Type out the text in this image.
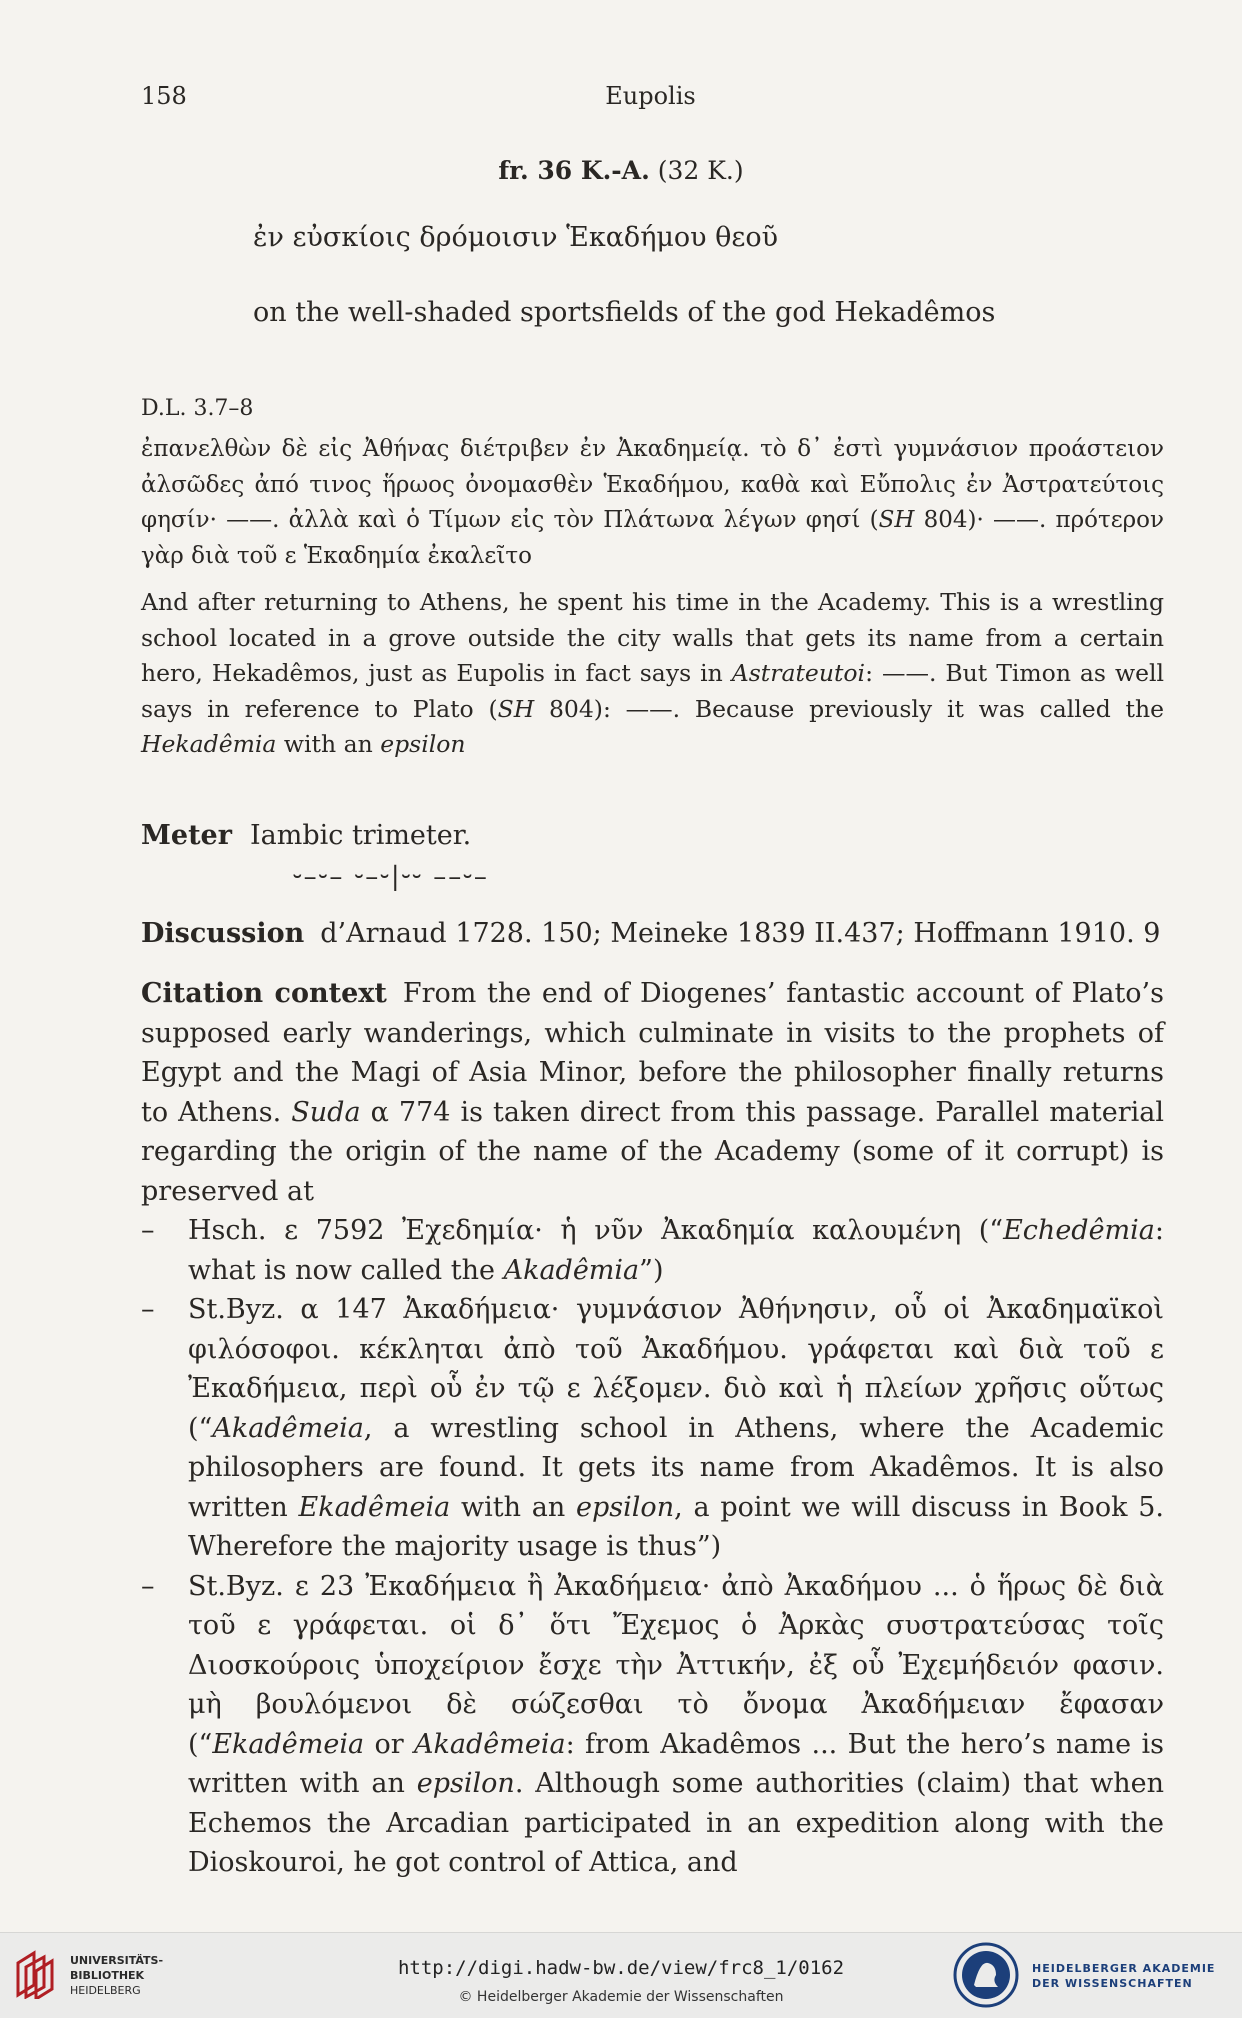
158	Eupolis
fr. 36 K.-A. (32 K.)
ἐν εὐσκίοις δρόμοισιν Ἑκαδήμου θεοῦ
on the well-shaded sportsfields of the god Hekadêmos
D.L. 3.7–8
ἐπανελθὼν δὲ εἰς Ἀθήνας διέτριβεν ἐν Ἀκαδημείᾳ. τὸ δ᾿ ἐστὶ γυμνάσιον προάστειον ἀλσῶδες ἀπό τινος ἥρωος ὀνομασθὲν Ἑκαδήμου, καθὰ καὶ Εὔπολις ἐν Ἀστρατεύτοις φησίν· ——. ἀλλὰ καὶ ὁ Τίμων εἰς τὸν Πλάτωνα λέγων φησί (SH 804)· ——. πρότερον γὰρ διὰ τοῦ ε Ἑκαδημία ἐκαλεῖτο
And after returning to Athens, he spent his time in the Academy. This is a wrestling school located in a grove outside the city walls that gets its name from a certain hero, Hekadêmos, just as Eupolis in fact says in Astrateutoi: ——. But Timon as well says in reference to Plato (SH 804): ——. Because previously it was called the Hekadêmia with an epsilon
Meter Iambic trimeter.
⏑–⏑– ⏑–⏑|⏑⏑ ––⏑–
Discussion d’Arnaud 1728. 150; Meineke 1839 II.437; Hoffmann 1910. 9
Citation context From the end of Diogenes’ fantastic account of Plato’s supposed early wanderings, which culminate in visits to the prophets of Egypt and the Magi of Asia Minor, before the philosopher finally returns to Athens. Suda α 774 is taken direct from this passage. Parallel material regarding the origin of the name of the Academy (some of it corrupt) is preserved at
– Hsch. ε 7592 Ἐχεδημία· ἡ νῦν Ἀκαδημία καλουμένη (“Echedêmia: what is now called the Akadêmia”)
– St.Byz. α 147 Ἀκαδήμεια· γυμνάσιον Ἀθήνησιν, οὗ οἱ Ἀκαδημαϊκοὶ φιλόσοφοι. κέκληται ἀπὸ τοῦ Ἀκαδήμου. γράφεται καὶ διὰ τοῦ ε Ἐκαδήμεια, περὶ οὗ ἐν τῷ ε λέξομεν. διὸ καὶ ἡ πλείων χρῆσις οὕτως (“Akadêmeia, a wrestling school in Athens, where the Academic philosophers are found. It gets its name from Akadêmos. It is also written Ekadêmeia with an epsilon, a point we will discuss in Book 5. Wherefore the majority usage is thus”)
– St.Byz. ε 23 Ἐκαδήμεια ἢ Ἀκαδήμεια· ἀπὸ Ἀκαδήμου ... ὁ ἥρως δὲ διὰ τοῦ ε γράφεται. οἱ δ᾿ ὅτι Ἔχεμος ὁ Ἀρκὰς συστρατεύσας τοῖς Διοσκούροις ὑποχείριον ἔσχε τὴν Ἀττικήν, ἐξ οὗ Ἐχεμήδειόν φασιν. μὴ βουλόμενοι δὲ σώζεσθαι τὸ ὄνομα Ἀκαδήμειαν ἔφασαν (“Ekadêmeia or Akadêmeia: from Akadêmos ... But the hero’s name is written with an epsilon. Although some authorities (claim) that when Echemos the Arcadian participated in an expedition along with the Dioskouroi, he got control of Attica, and
UNIVERSITÄTS-
BIBLIOTHEK
HEIDELBERG
http://digi.hadw-bw.de/view/frc8_1/0162
© Heidelberger Akademie der Wissenschaften
HEIDELBERGER AKADEMIE
DER WISSENSCHAFTEN
